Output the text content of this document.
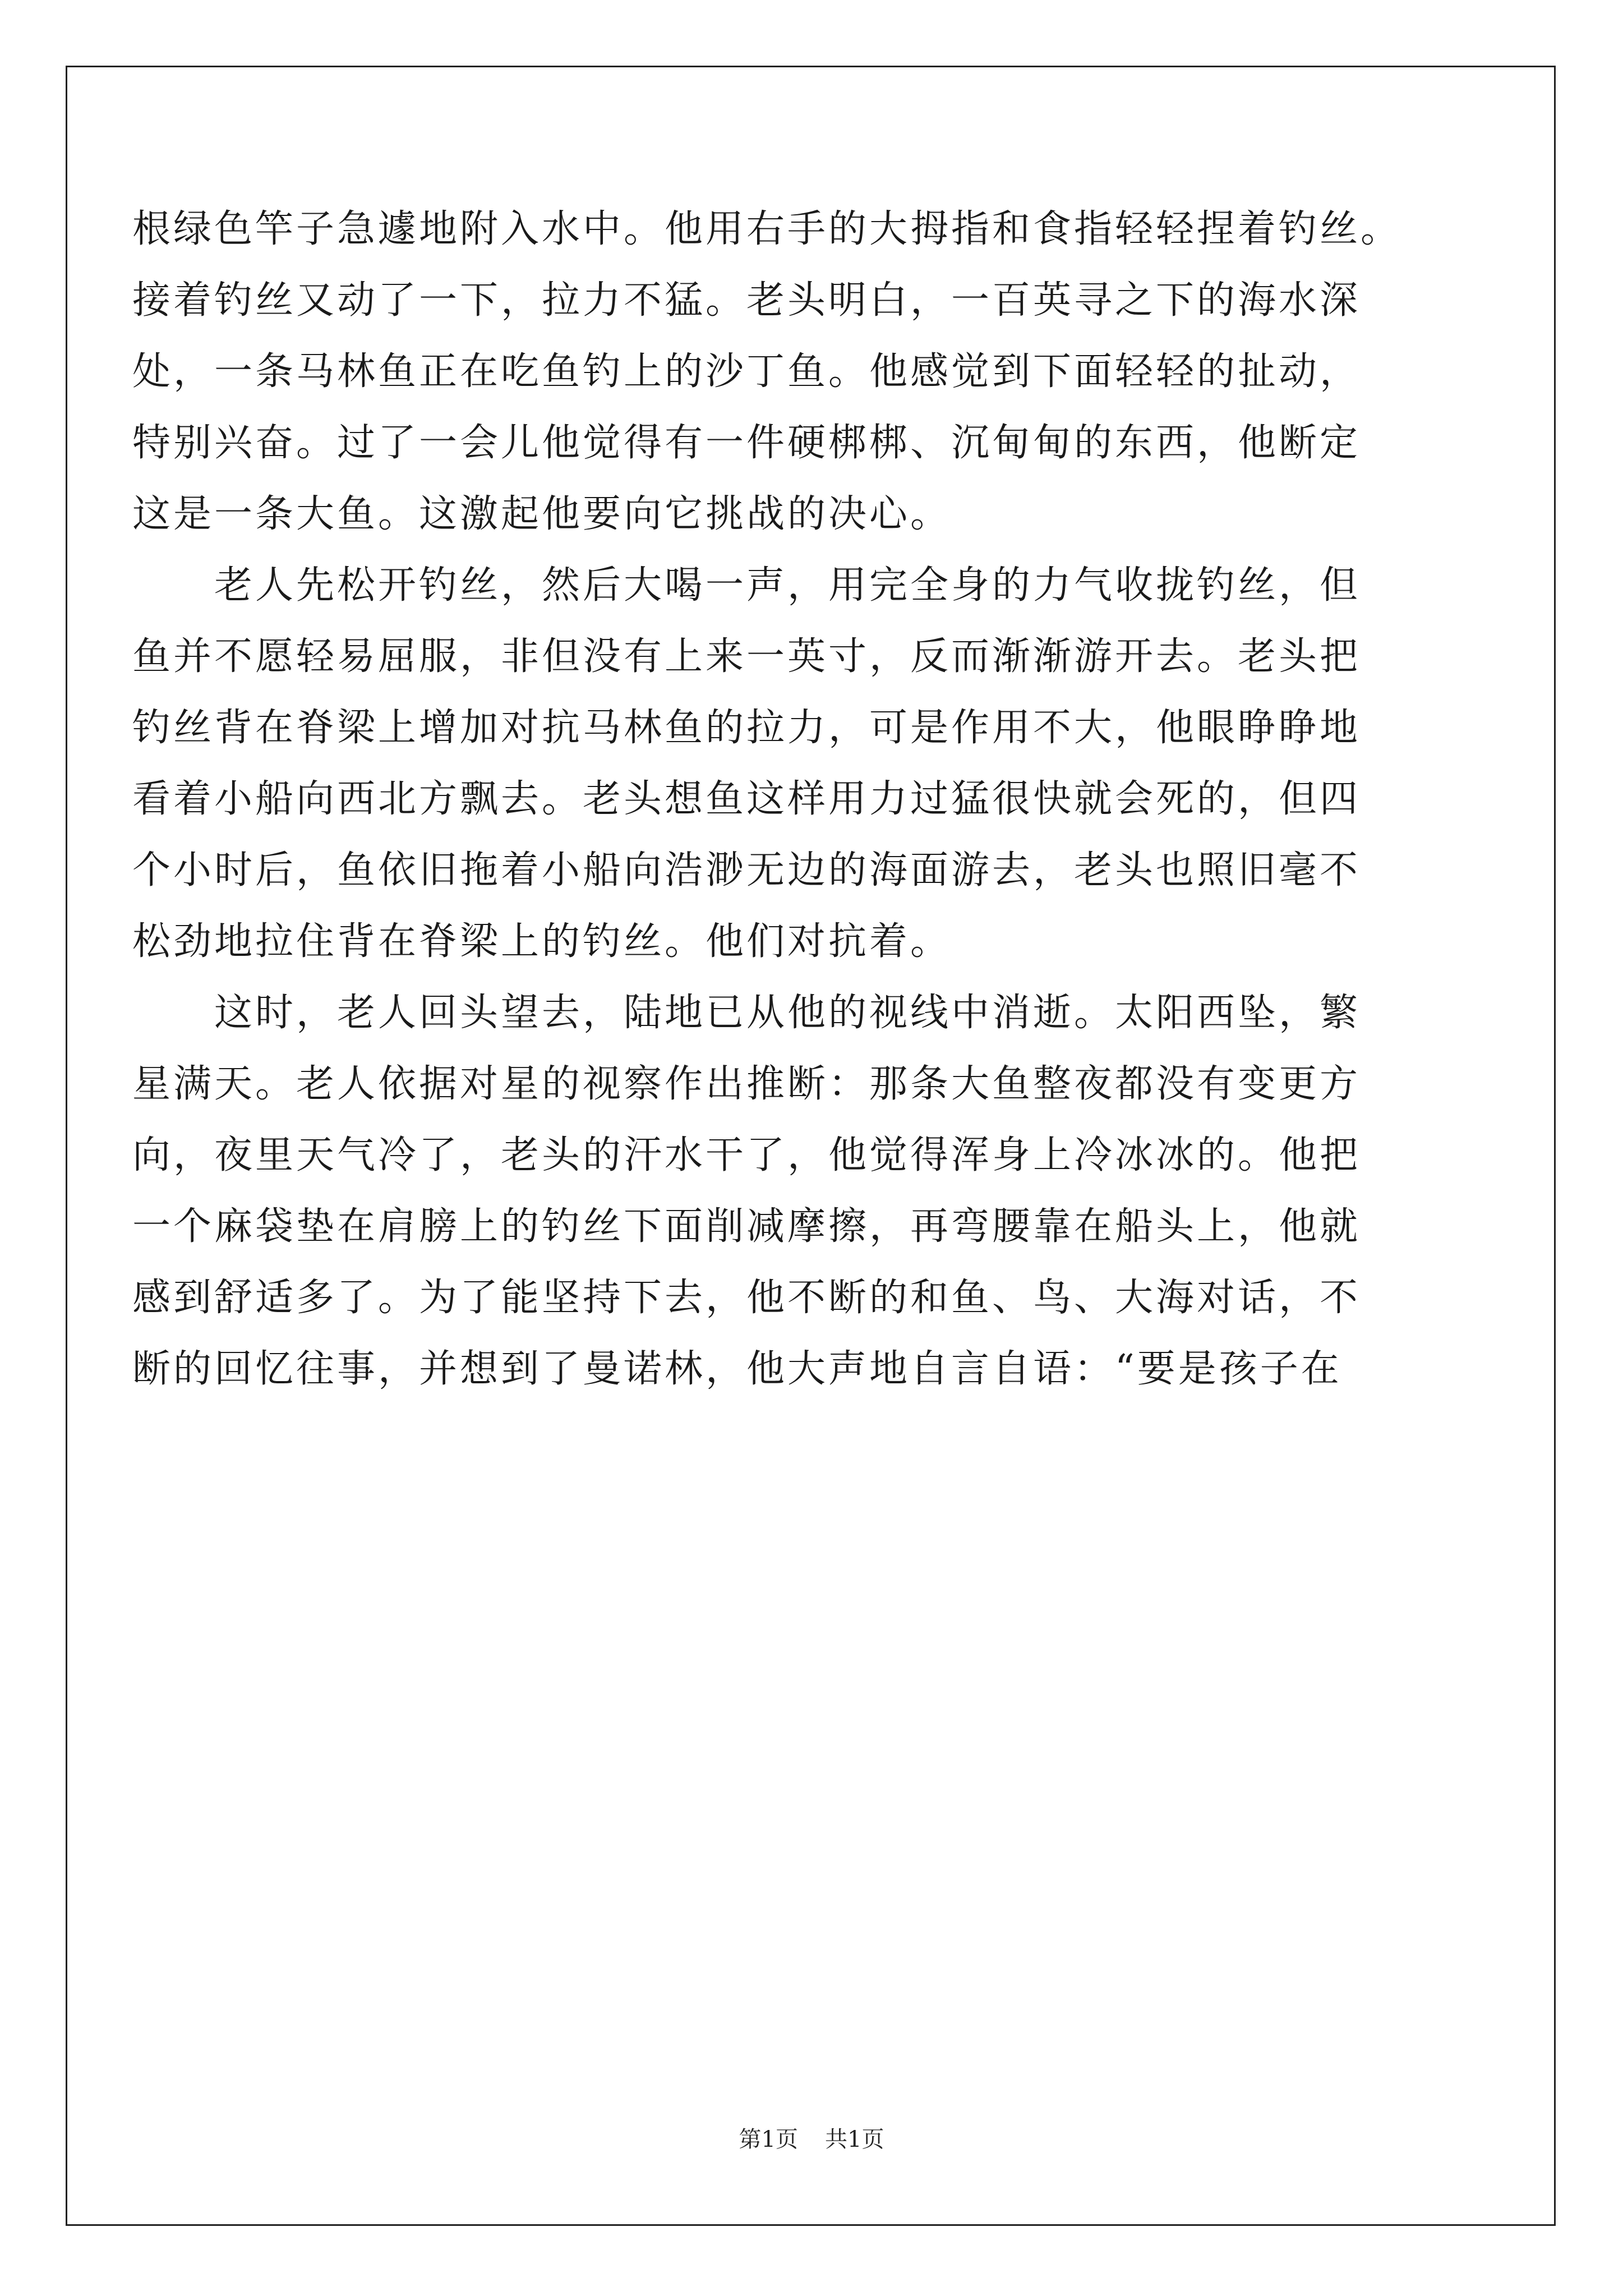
根绿色竿子急遽地附入水中。他用右手的大拇指和食指轻轻捏着钓丝。
接着钓丝又动了一下，拉力不猛。老头明白，一百英寻之下的海水深
处，一条马林鱼正在吃鱼钓上的沙丁鱼。他感觉到下面轻轻的扯动，
特别兴奋。过了一会儿他觉得有一件硬梆梆、沉甸甸的东西，他断定
这是一条大鱼。这激起他要向它挑战的决心。
老人先松开钓丝，然后大喝一声，用完全身的力气收拢钓丝，但
鱼并不愿轻易屈服，非但没有上来一英寸，反而渐渐游开去。老头把
钓丝背在脊梁上增加对抗马林鱼的拉力，可是作用不大，他眼睁睁地
看着小船向西北方飘去。老头想鱼这样用力过猛很快就会死的，但四
个小时后，鱼依旧拖着小船向浩渺无边的海面游去，老头也照旧毫不
松劲地拉住背在脊梁上的钓丝。他们对抗着。
这时，老人回头望去，陆地已从他的视线中消逝。太阳西坠，繁
星满天。老人依据对星的视察作出推断：那条大鱼整夜都没有变更方
向，夜里天气冷了，老头的汗水干了，他觉得浑身上冷冰冰的。他把
一个麻袋垫在肩膀上的钓丝下面削减摩擦，再弯腰靠在船头上，他就
感到舒适多了。为了能坚持下去，他不断的和鱼、鸟、大海对话，不
断的回忆往事，并想到了曼诺林，他大声地自言自语：“要是孩子在
第1页 共1页
